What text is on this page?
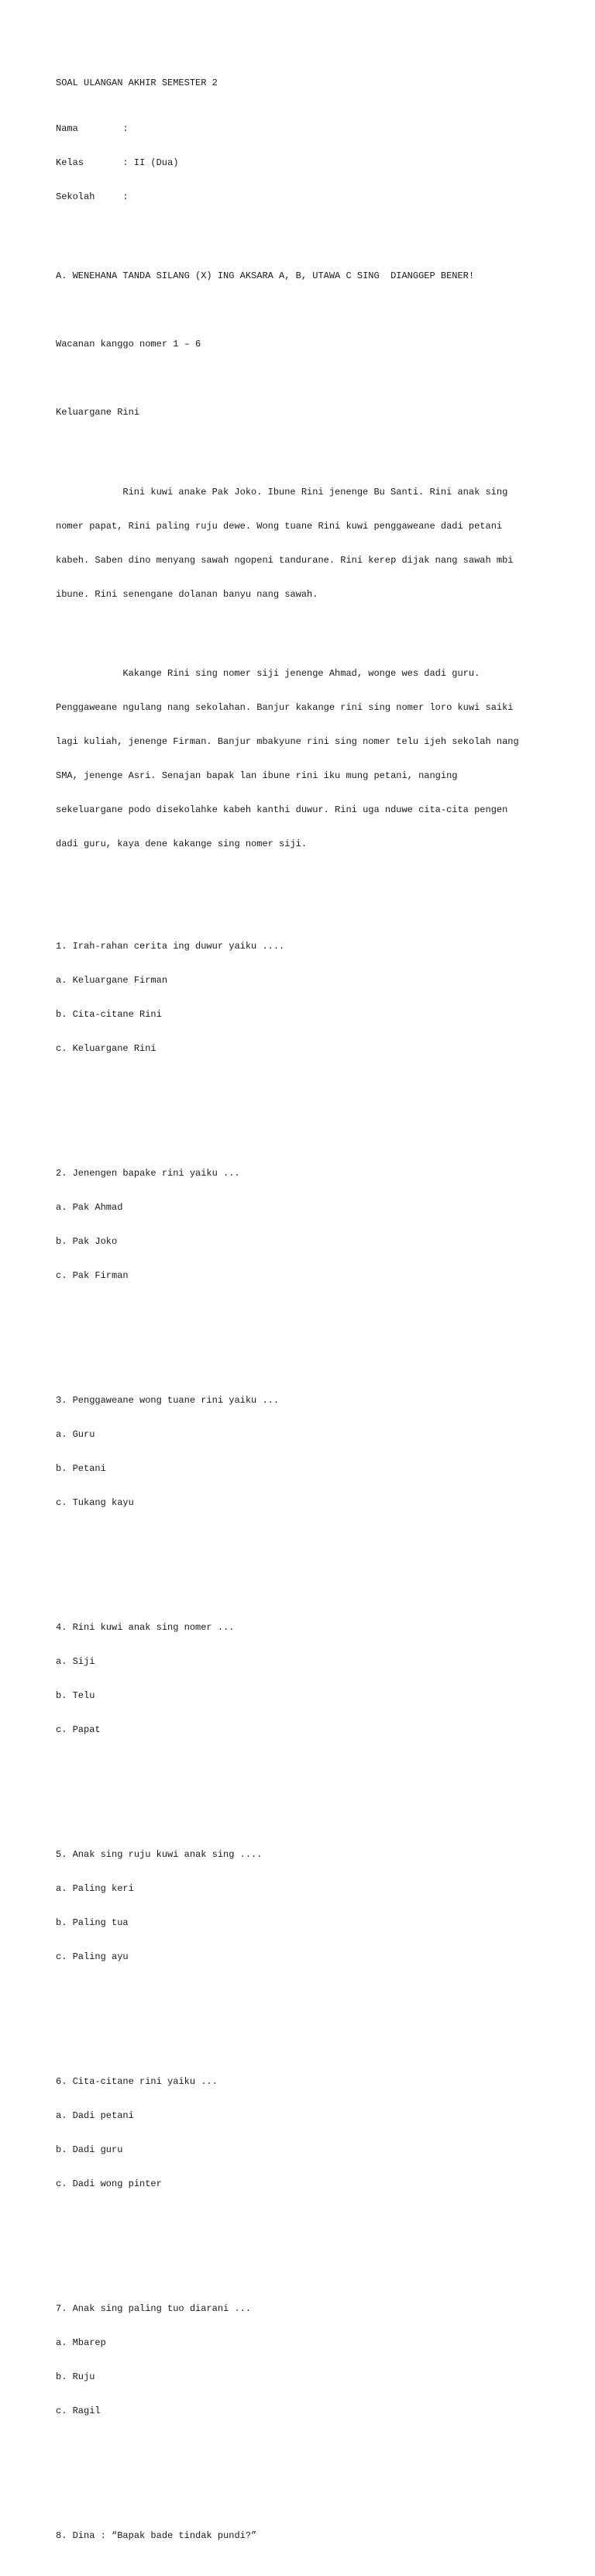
SOAL ULANGAN AKHIR SEMESTER 2

Nama	:

Kelas	: II (Dua)

Sekolah	:

A. WENEHANA TANDA SILANG (X) ING AKSARA A, B, UTAWA C SING  DIANGGEP BENER!

Wacanan kanggo nomer 1 – 6

Keluargane Rini

Rini kuwi anake Pak Joko. Ibune Rini jenenge Bu Santi. Rini anak sing

nomer papat, Rini paling ruju dewe. Wong tuane Rini kuwi penggaweane dadi petani

kabeh. Saben dino menyang sawah ngopeni tandurane. Rini kerep dijak nang sawah mbi

ibune. Rini senengane dolanan banyu nang sawah.

Kakange Rini sing nomer siji jenenge Ahmad, wonge wes dadi guru.

Penggaweane ngulang nang sekolahan. Banjur kakange rini sing nomer loro kuwi saiki

lagi kuliah, jenenge Firman. Banjur mbakyune rini sing nomer telu ijeh sekolah nang

SMA, jenenge Asri. Senajan bapak lan ibune rini iku mung petani, nanging

sekeluargane podo disekolahke kabeh kanthi duwur. Rini uga nduwe cita-cita pengen

dadi guru, kaya dene kakange sing nomer siji.

1. Irah-rahan cerita ing duwur yaiku ....

a. Keluargane Firman

b. Cita-citane Rini

c. Keluargane Rini

2. Jenengen bapake rini yaiku ...

a. Pak Ahmad

b. Pak Joko

c. Pak Firman

3. Penggaweane wong tuane rini yaiku ...

a. Guru

b. Petani

c. Tukang kayu

4. Rini kuwi anak sing nomer ...

a. Siji

b. Telu

c. Papat

5. Anak sing ruju kuwi anak sing ....

a. Paling keri

b. Paling tua

c. Paling ayu

6. Cita-citane rini yaiku ...

a. Dadi petani

b. Dadi guru

c. Dadi wong pinter

7. Anak sing paling tuo diarani ...

a. Mbarep

b. Ruju

c. Ragil

8. Dina : “Bapak bade tindak pundi?”
